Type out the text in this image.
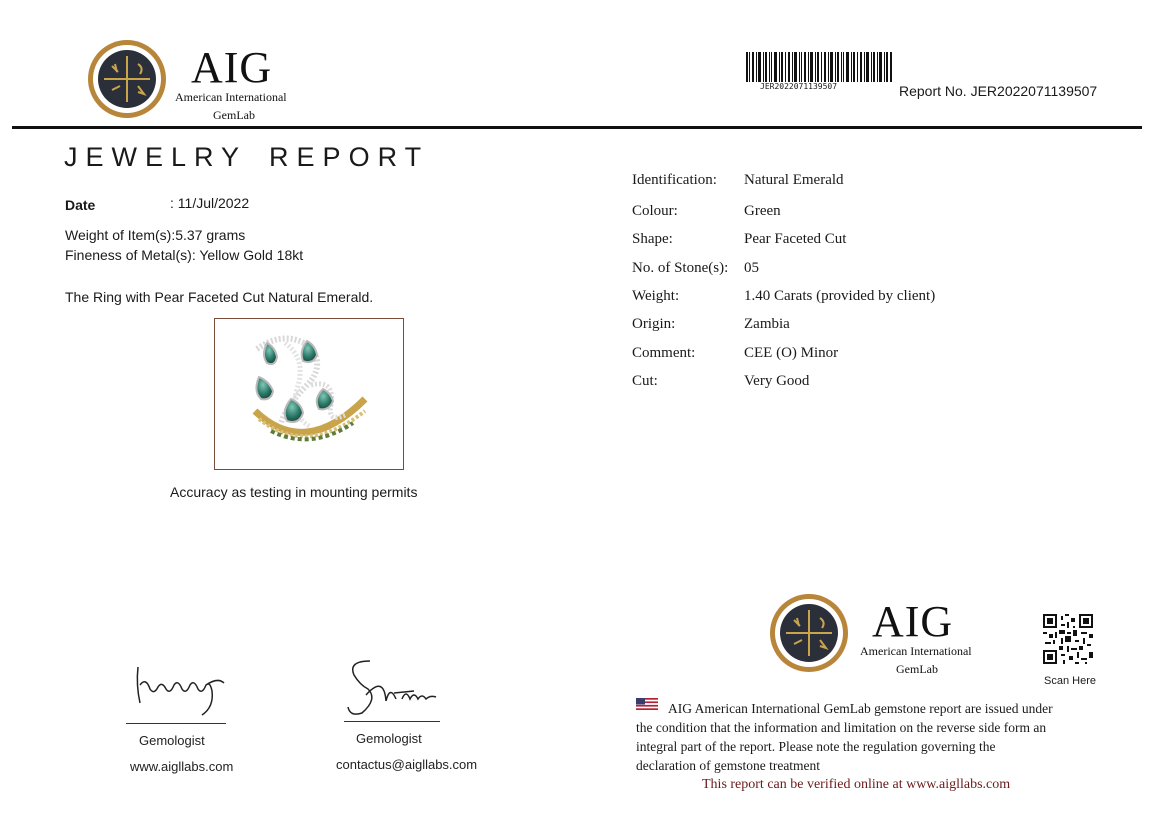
AIG
American International
GemLab
JER2022071139507	Report No. JER2022071139507
JEWELRY REPORT
Date	: 11/Jul/2022
Weight of Item(s):5.37 grams
Fineness of Metal(s): Yellow Gold 18kt
The Ring with Pear Faceted Cut Natural Emerald.
Accuracy as testing in mounting permits
Identification: Natural Emerald
Colour:	Green
Shape:	Pear Faceted Cut
No. of Stone(s): 05
Weight:	1.40 Carats (provided by client)
Origin:	Zambia
Comment:	CEE (O) Minor
Cut:	Very Good
Gemologist
www.aigllabs.com
Gemologist
contactus@aigllabs.com
AIG
American International
GemLab
Scan Here
AIG American International GemLab gemstone report are issued under
the condition that the information and limitation on the reverse side form an
integral part of the report. Please note the regulation governing the
declaration of gemstone treatment
This report can be verified online at www.aigllabs.com
